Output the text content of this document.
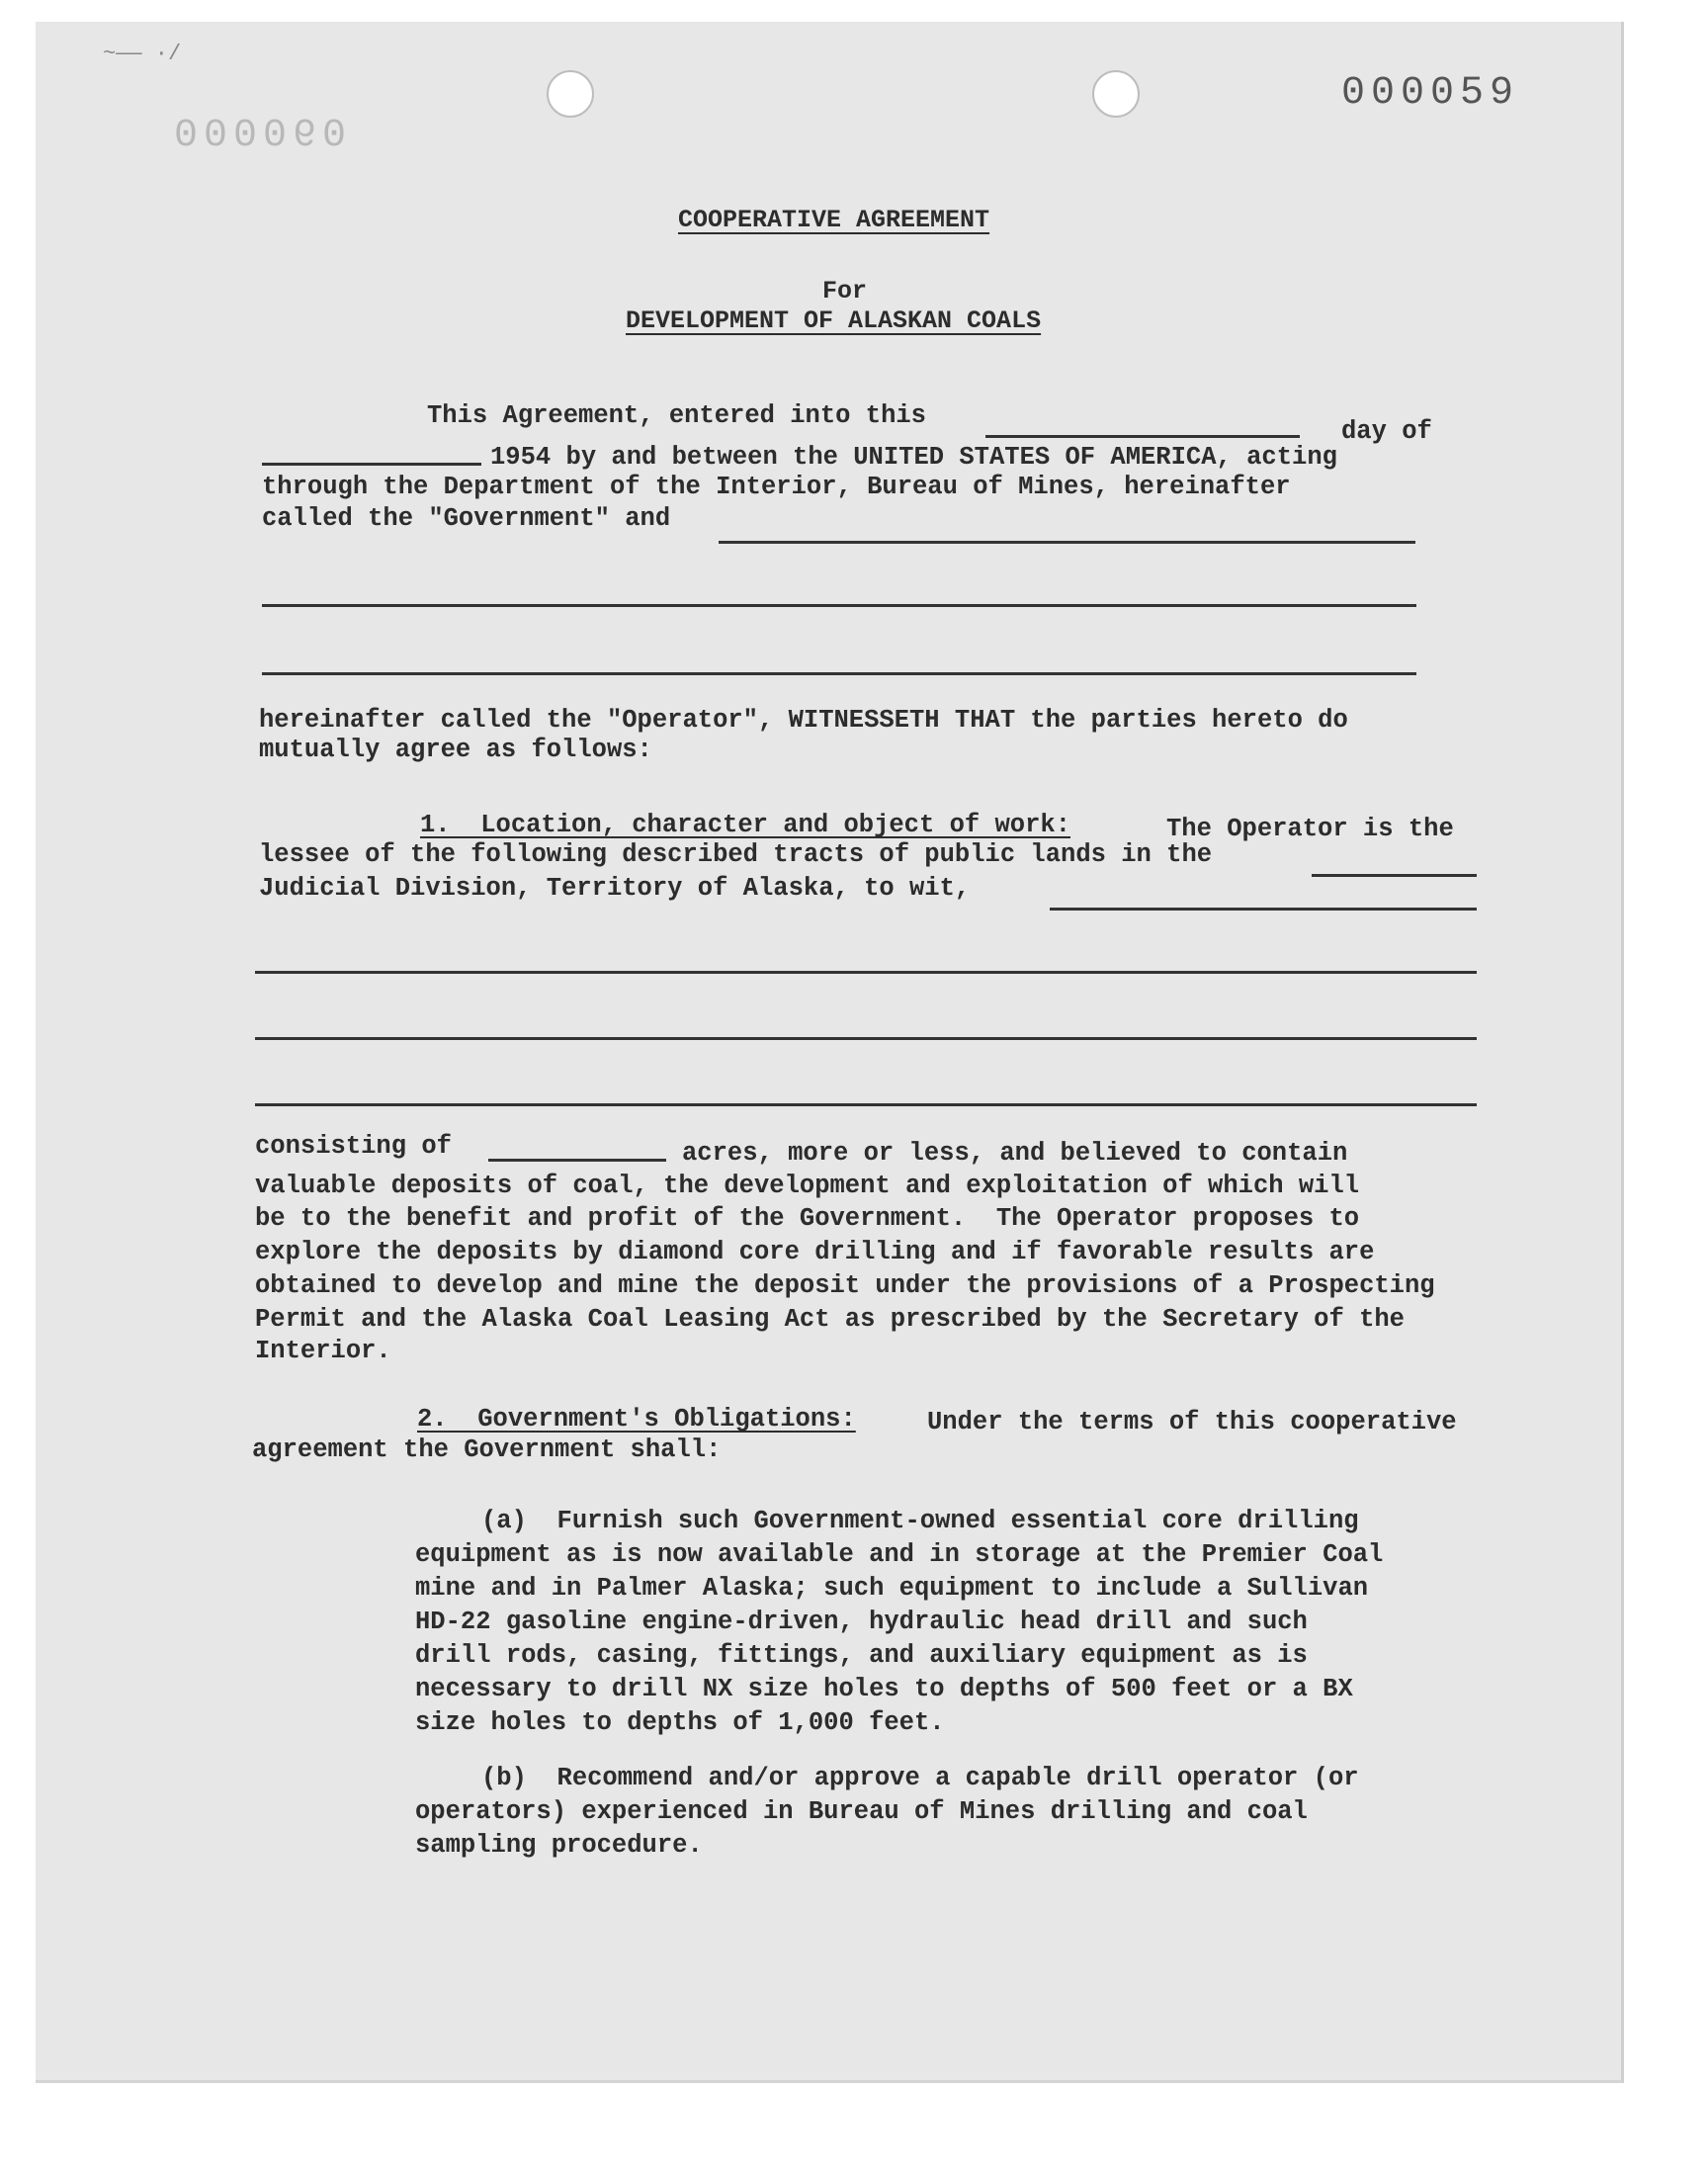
~—— ·/
000060
000059
COOPERATIVE AGREEMENT
For
DEVELOPMENT OF ALASKAN COALS
This Agreement, entered into this
day of
1954 by and between the UNITED STATES OF AMERICA, acting
through the Department of the Interior, Bureau of Mines, hereinafter
called the "Government" and
hereinafter called the "Operator", WITNESSETH THAT the parties hereto do
mutually agree as follows:
1.  Location, character and object of work:	The Operator is the
lessee of the following described tracts of public lands in the
Judicial Division, Territory of Alaska, to wit,
consisting of	acres, more or less, and believed to contain
valuable deposits of coal, the development and exploitation of which will
be to the benefit and profit of the Government.  The Operator proposes to
explore the deposits by diamond core drilling and if favorable results are
obtained to develop and mine the deposit under the provisions of a Prospecting
Permit and the Alaska Coal Leasing Act as prescribed by the Secretary of the
Interior.
2.  Government's Obligations:	Under the terms of this cooperative
agreement the Government shall:
(a)  Furnish such Government-owned essential core drilling
equipment as is now available and in storage at the Premier Coal
mine and in Palmer Alaska; such equipment to include a Sullivan
HD-22 gasoline engine-driven, hydraulic head drill and such
drill rods, casing, fittings, and auxiliary equipment as is
necessary to drill NX size holes to depths of 500 feet or a BX
size holes to depths of 1,000 feet.
(b)  Recommend and/or approve a capable drill operator (or
operators) experienced in Bureau of Mines drilling and coal
sampling procedure.
